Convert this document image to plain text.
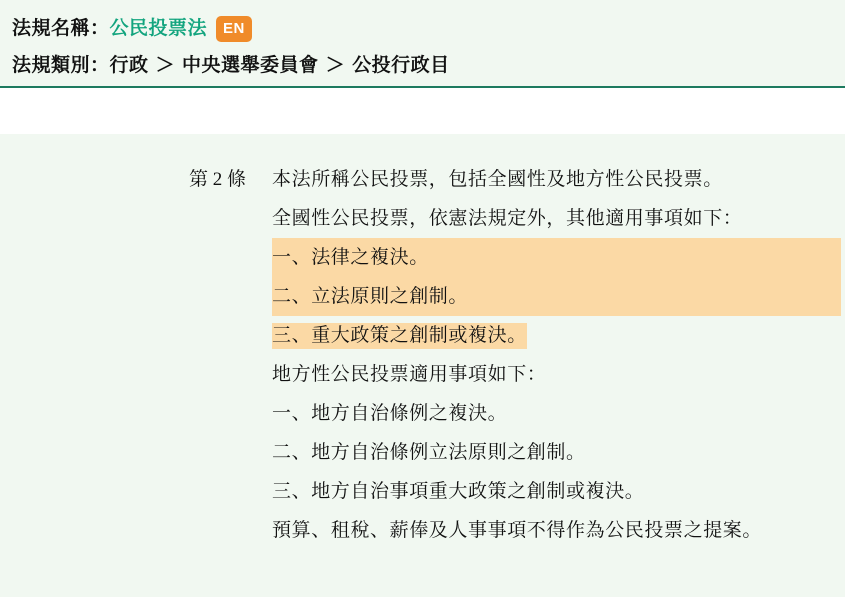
法規名稱： 公民投票法	EN
法規類別： 行政 ＞ 中央選舉委員會 ＞ 公投行政目
第 2 條	本法所稱公民投票，包括全國性及地方性公民投票。
全國性公民投票，依憲法規定外，其他適用事項如下：
一、法律之複決。
二、立法原則之創制。
三、重大政策之創制或複決。
地方性公民投票適用事項如下：
一、地方自治條例之複決。
二、地方自治條例立法原則之創制。
三、地方自治事項重大政策之創制或複決。
預算、租稅、薪俸及人事事項不得作為公民投票之提案。
